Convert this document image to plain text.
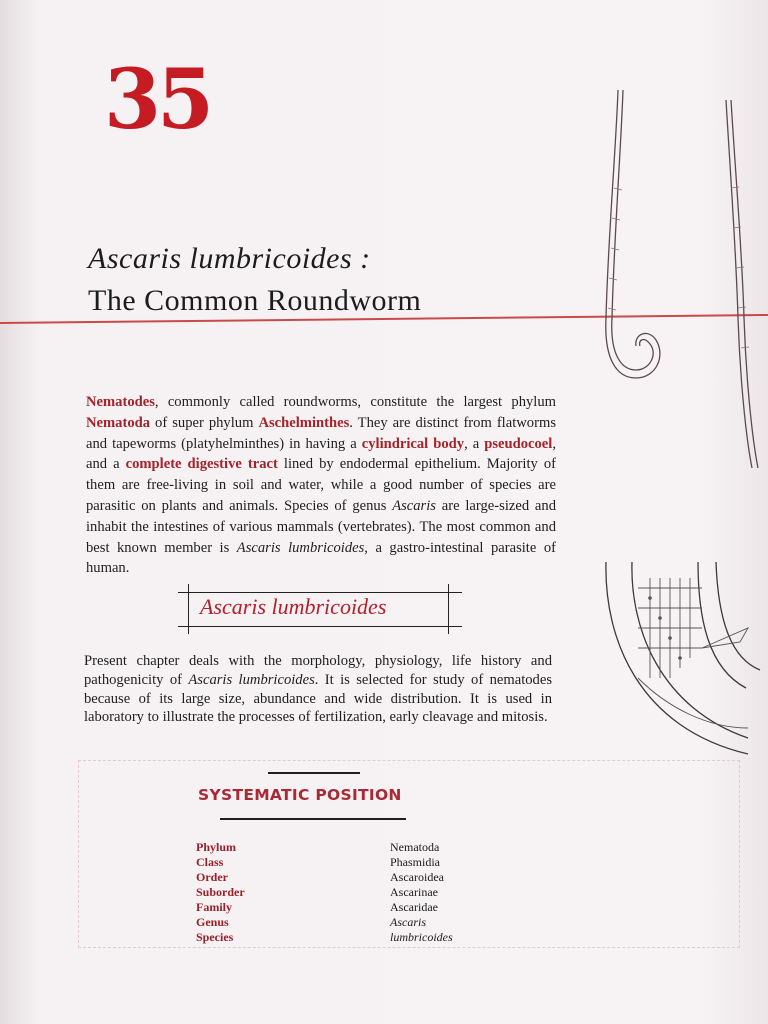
35
Ascaris lumbricoides :
The Common Roundworm
Nematodes, commonly called roundworms, constitute the largest phylum Nematoda of super phylum Aschelminthes. They are distinct from flatworms and tapeworms (platyhelminthes) in having a cylindrical body, a pseudocoel, and a complete digestive tract lined by endodermal epithelium. Majority of them are free-living in soil and water, while a good number of species are parasitic on plants and animals. Species of genus Ascaris are large-sized and inhabit the intestines of various mammals (vertebrates). The most common and best known member is Ascaris lumbricoides, a gastro-intestinal parasite of human.
Ascaris lumbricoides
Present chapter deals with the morphology, physiology, life history and pathogenicity of Ascaris lumbricoides. It is selected for study of nematodes because of its large size, abundance and wide distribution. It is used in laboratory to illustrate the processes of fertilization, early cleavage and mitosis.
SYSTEMATIC POSITION
Phylum	Nematoda
Class	Phasmidia
Order	Ascaroidea
Suborder	Ascarinae
Family	Ascaridae
Genus	Ascaris
Species	lumbricoides
